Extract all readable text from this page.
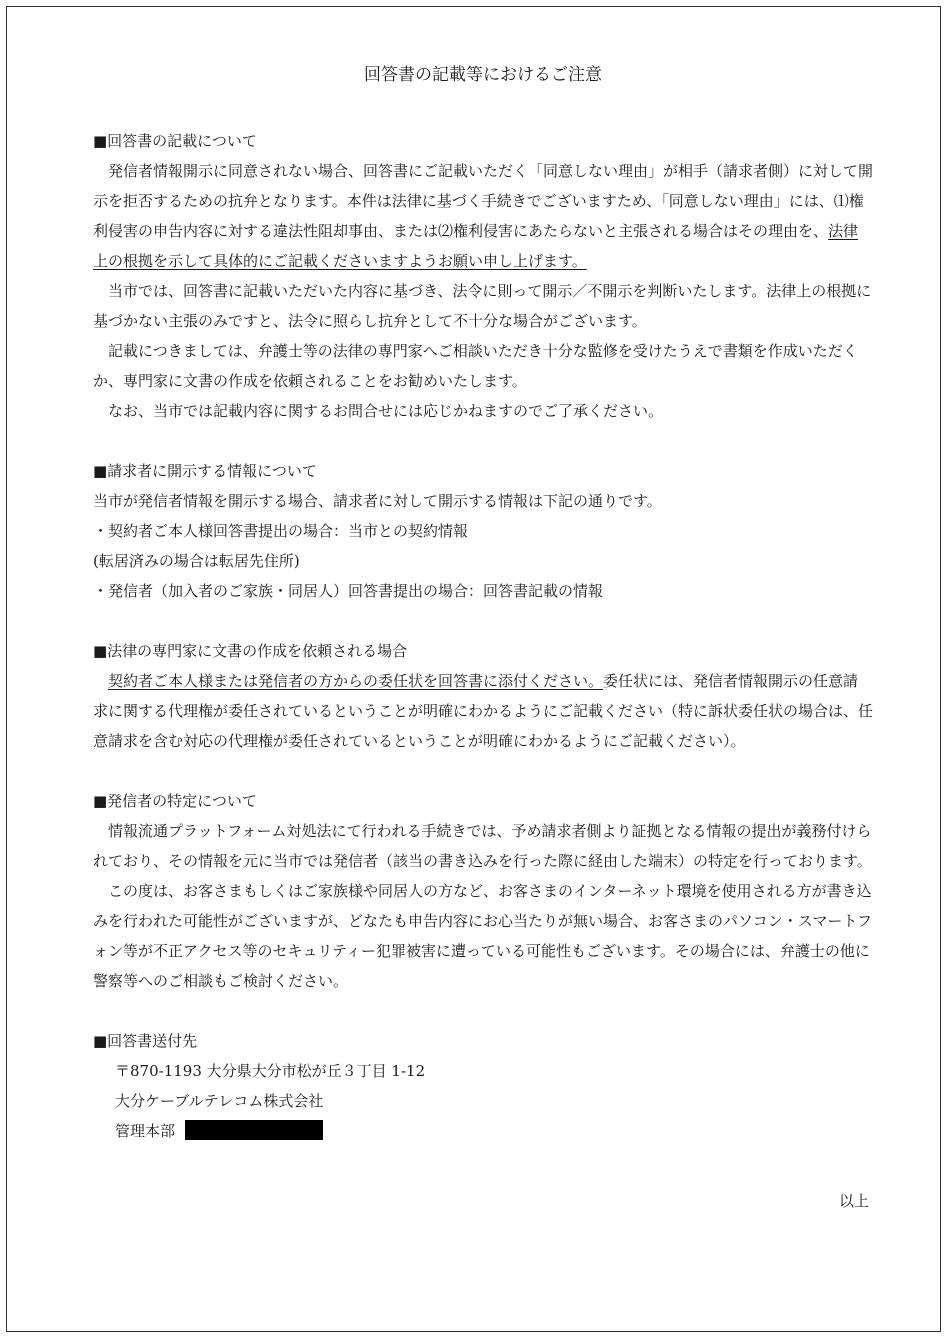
回答書の記載等におけるご注意

■回答書の記載について

発信者情報開示に同意されない場合、回答書にご記載いただく「同意しない理由」が相手（請求者側）に対して開示を拒否するための抗弁となります。本件は法律に基づく手続きでございますため、「同意しない理由」には、⑴権利侵害の申告内容に対する違法性阻却事由、または⑵権利侵害にあたらないと主張される場合はその理由を、法律上の根拠を示して具体的にご記載くださいますようお願い申し上げます。

当市では、回答書に記載いただいた内容に基づき、法令に則って開示／不開示を判断いたします。法律上の根拠に基づかない主張のみですと、法令に照らし抗弁として不十分な場合がございます。

記載につきましては、弁護士等の法律の専門家へご相談いただき十分な監修を受けたうえで書類を作成いただくか、専門家に文書の作成を依頼されることをお勧めいたします。

なお、当市では記載内容に関するお問合せには応じかねますのでご了承ください。

■請求者に開示する情報について

当市が発信者情報を開示する場合、請求者に対して開示する情報は下記の通りです。

・契約者ご本人様回答書提出の場合：当市との契約情報

(転居済みの場合は転居先住所)

・発信者（加入者のご家族・同居人）回答書提出の場合：回答書記載の情報

■法律の専門家に文書の作成を依頼される場合

契約者ご本人様または発信者の方からの委任状を回答書に添付ください。委任状には、発信者情報開示の任意請求に関する代理権が委任されているということが明確にわかるようにご記載ください（特に訴状委任状の場合は、任意請求を含む対応の代理権が委任されているということが明確にわかるようにご記載ください）。

■発信者の特定について

情報流通プラットフォーム対処法にて行われる手続きでは、予め請求者側より証拠となる情報の提出が義務付けられており、その情報を元に当市では発信者（該当の書き込みを行った際に経由した端末）の特定を行っております。

この度は、お客さまもしくはご家族様や同居人の方など、お客さまのインターネット環境を使用される方が書き込みを行われた可能性がございますが、どなたも申告内容にお心当たりが無い場合、お客さまのパソコン・スマートフォン等が不正アクセス等のセキュリティー犯罪被害に遭っている可能性もございます。その場合には、弁護士の他に警察等へのご相談もご検討ください。

■回答書送付先

〒870-1193 大分県大分市松が丘３丁目 1-12

大分ケーブルテレコム株式会社

管理本部

以上
